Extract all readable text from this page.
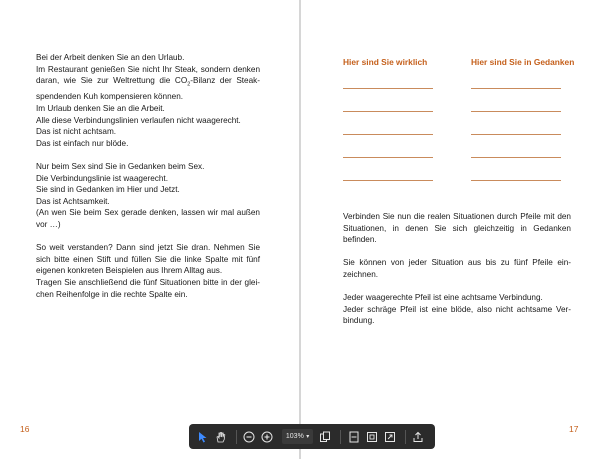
Bei der Arbeit denken Sie an den Urlaub.

Im Restaurant genießen Sie nicht Ihr Steak, sondern denken daran, wie Sie zur Weltrettung die $CO_2$-Bilanz der Steakspendenden Kuh kompensieren können.

Im Urlaub denken Sie an die Arbeit.

Alle diese Verbindungslinien verlaufen nicht waagerecht.

Das ist nicht achtsam.

Das ist einfach nur blöde.

Nur beim Sex sind Sie in Gedanken beim Sex.

Die Verbindungslinie ist waagerecht.

Sie sind in Gedanken im Hier und Jetzt.

Das ist Achtsamkeit.

(An wen Sie beim Sex gerade denken, lassen wir mal außen vor …)

So weit verstanden? Dann sind jetzt Sie dran. Nehmen Sie sich bitte einen Stift und füllen Sie die linke Spalte mit fünf eigenen konkreten Beispielen aus Ihrem Alltag aus.

Tragen Sie anschließend die fünf Situationen bitte in der gleichen Reihenfolge in die rechte Spalte ein.

16
Hier sind Sie wirklich	Hier sind Sie in Gedanken

Verbinden Sie nun die realen Situationen durch Pfeile mit den Situationen, in denen Sie sich gleichzeitig in Gedanken befinden.

Sie können von jeder Situation aus bis zu fünf Pfeile einzeichnen.

Jeder waagerechte Pfeil ist eine achtsame Verbindung.

Jeder schräge Pfeil ist eine blöde, also nicht achtsame Verbindung.

17
103% ▾
